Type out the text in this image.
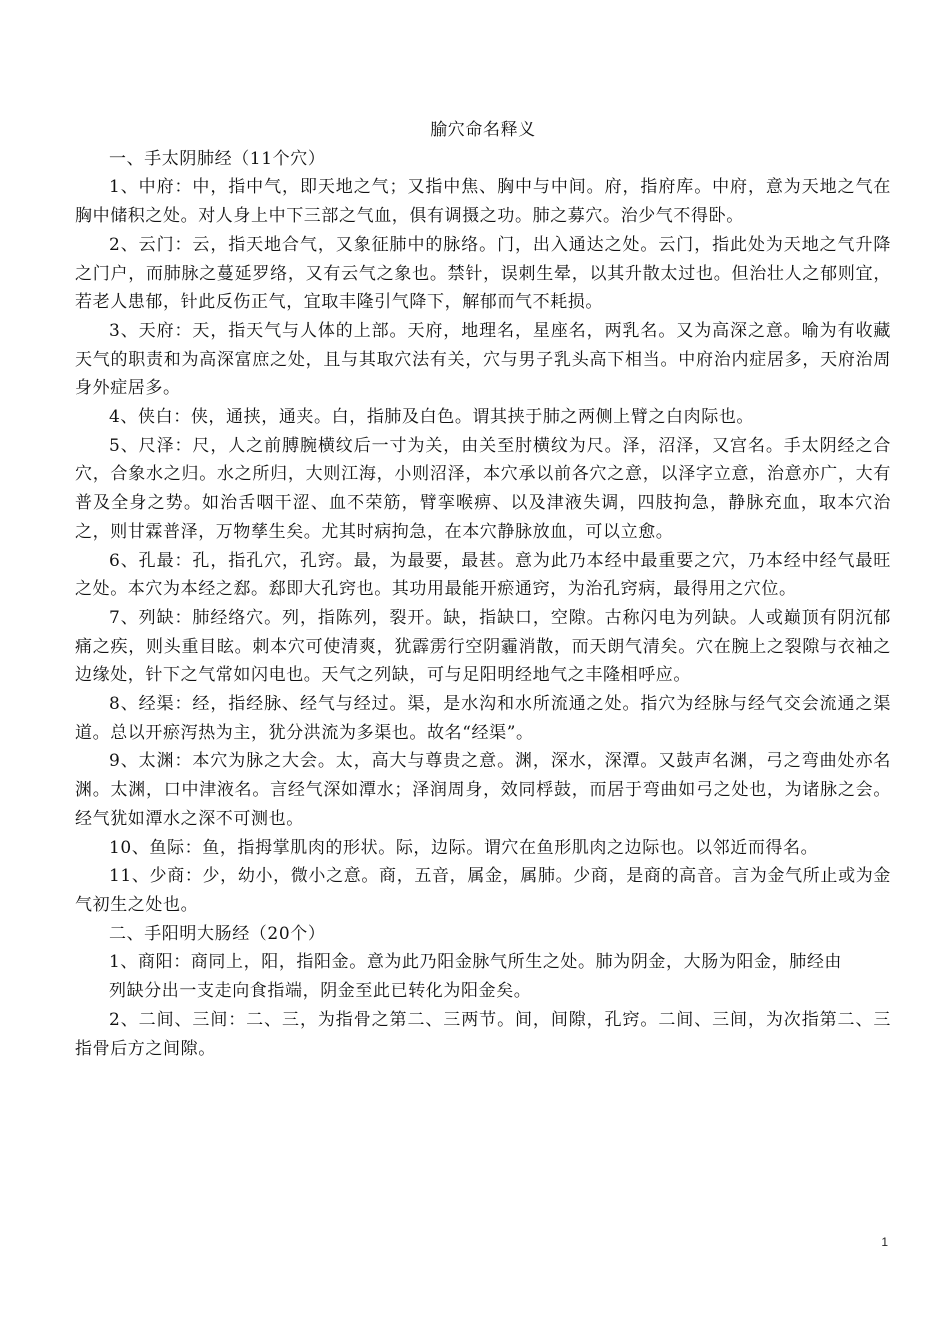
腧穴命名释义

一、手太阴肺经（11个穴）

1、中府：中，指中气，即天地之气；又指中焦、胸中与中间。府，指府库。中府，意为天地之气在胸中储积之处。对人身上中下三部之气血，俱有调摄之功。肺之募穴。治少气不得卧。

2、云门：云，指天地合气，又象征肺中的脉络。门，出入通达之处。云门，指此处为天地之气升降之门户，而肺脉之蔓延罗络，又有云气之象也。禁针，误刺生晕，以其升散太过也。但治壮人之郁则宜，若老人患郁，针此反伤正气，宜取丰隆引气降下，解郁而气不耗损。

3、天府：天，指天气与人体的上部。天府，地理名，星座名，两乳名。又为高深之意。喻为有收藏天气的职责和为高深富庶之处，且与其取穴法有关，穴与男子乳头高下相当。中府治内症居多，天府治周身外症居多。

4、侠白：侠，通挟，通夹。白，指肺及白色。谓其挟于肺之两侧上臂之白肉际也。

5、尺泽：尺，人之前膊腕横纹后一寸为关，由关至肘横纹为尺。泽，沼泽，又宫名。手太阴经之合穴，合象水之归。水之所归，大则江海，小则沼泽，本穴承以前各穴之意，以泽字立意，治意亦广，大有普及全身之势。如治舌咽干涩、血不荣筋，臂挛喉痹、以及津液失调，四肢拘急，静脉充血，取本穴治之，则甘霖普泽，万物孳生矣。尤其时病拘急，在本穴静脉放血，可以立愈。

6、孔最：孔，指孔穴，孔窍。最，为最要，最甚。意为此乃本经中最重要之穴，乃本经中经气最旺之处。本穴为本经之郄。郄即大孔窍也。其功用最能开瘀通窍，为治孔窍病，最得用之穴位。

7、列缺：肺经络穴。列，指陈列，裂开。缺，指缺口，空隙。古称闪电为列缺。人或巅顶有阴沉郁痛之疾，则头重目眩。刺本穴可使清爽，犹霹雳行空阴霾消散，而天朗气清矣。穴在腕上之裂隙与衣袖之边缘处，针下之气常如闪电也。天气之列缺，可与足阳明经地气之丰隆相呼应。

8、经渠：经，指经脉、经气与经过。渠，是水沟和水所流通之处。指穴为经脉与经气交会流通之渠道。总以开瘀泻热为主，犹分洪流为多渠也。故名“经渠”。

9、太渊：本穴为脉之大会。太，高大与尊贵之意。渊，深水，深潭。又鼓声名渊，弓之弯曲处亦名渊。太渊，口中津液名。言经气深如潭水；泽润周身，效同桴鼓，而居于弯曲如弓之处也，为诸脉之会。经气犹如潭水之深不可测也。

10、鱼际：鱼，指拇掌肌肉的形状。际，边际。谓穴在鱼形肌肉之边际也。以邻近而得名。

11、少商：少，幼小，微小之意。商，五音，属金，属肺。少商，是商的高音。言为金气所止或为金气初生之处也。

二、手阳明大肠经（20个）

1、商阳：商同上，阳，指阳金。意为此乃阳金脉气所生之处。肺为阴金，大肠为阳金，肺经由

列缺分出一支走向食指端，阴金至此已转化为阳金矣。

2、二间、三间：二、三，为指骨之第二、三两节。间，间隙，孔窍。二间、三间，为次指第二、三指骨后方之间隙。

1
